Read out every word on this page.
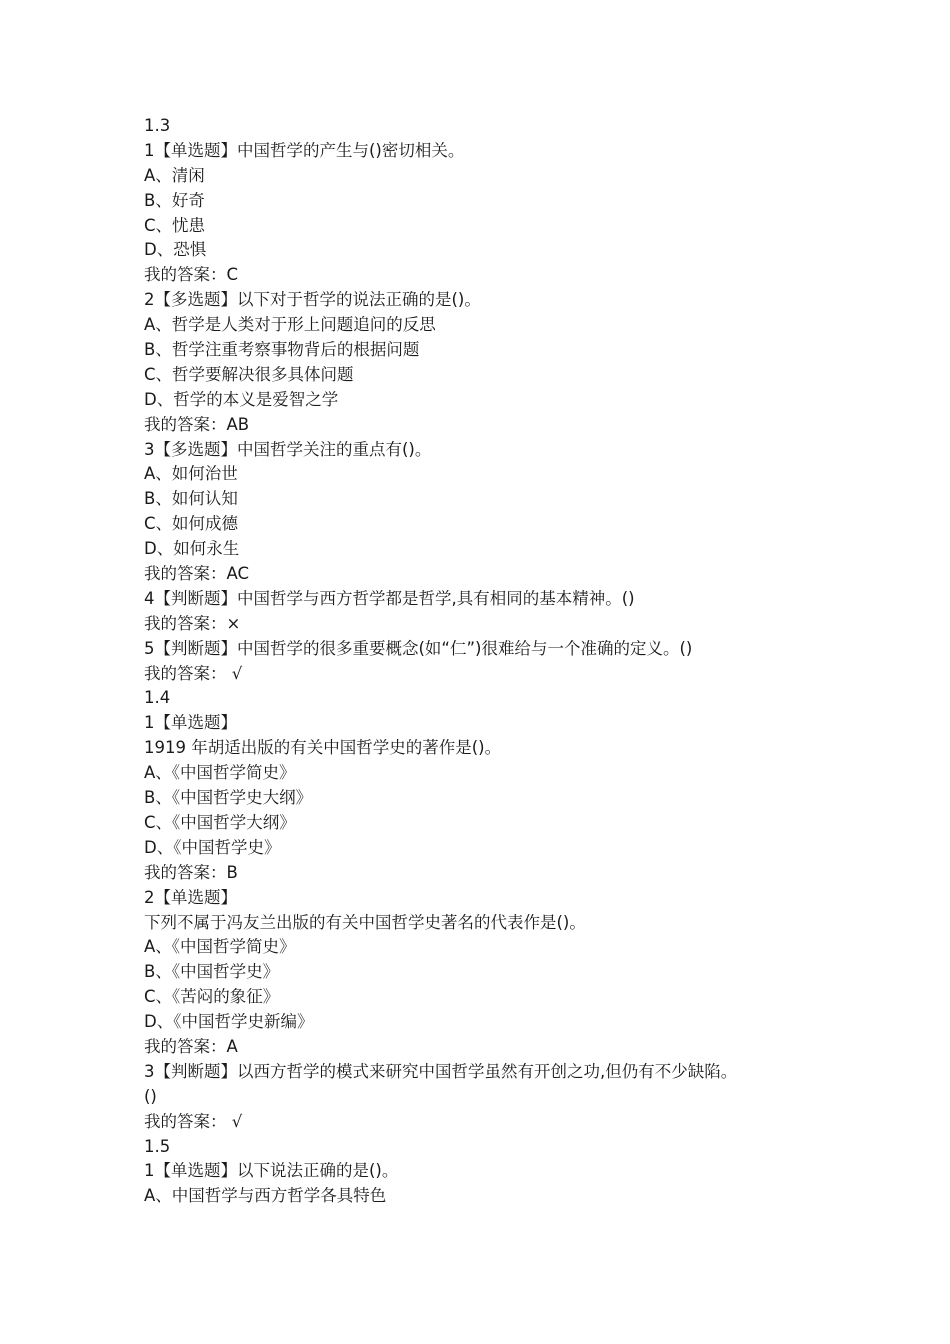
1.3
1【单选题】中国哲学的产生与()密切相关。
A、清闲
B、好奇
C、忧患
D、恐惧
我的答案：C
2【多选题】以下对于哲学的说法正确的是()。
A、哲学是人类对于形上问题追问的反思
B、哲学注重考察事物背后的根据问题
C、哲学要解决很多具体问题
D、哲学的本义是爱智之学
我的答案：AB
3【多选题】中国哲学关注的重点有()。
A、如何治世
B、如何认知
C、如何成德
D、如何永生
我的答案：AC
4【判断题】中国哲学与西方哲学都是哲学,具有相同的基本精神。()
我的答案：×
5【判断题】中国哲学的很多重要概念(如“仁”)很难给与一个准确的定义。()
我的答案： √
1.4
1【单选题】
1919 年胡适出版的有关中国哲学史的著作是()。
A、《中国哲学简史》
B、《中国哲学史大纲》
C、《中国哲学大纲》
D、《中国哲学史》
我的答案：B
2【单选题】
下列不属于冯友兰出版的有关中国哲学史著名的代表作是()。
A、《中国哲学简史》
B、《中国哲学史》
C、《苦闷的象征》
D、《中国哲学史新编》
我的答案：A
3【判断题】以西方哲学的模式来研究中国哲学虽然有开创之功,但仍有不少缺陷。
()
我的答案： √
1.5
1【单选题】以下说法正确的是()。
A、中国哲学与西方哲学各具特色
